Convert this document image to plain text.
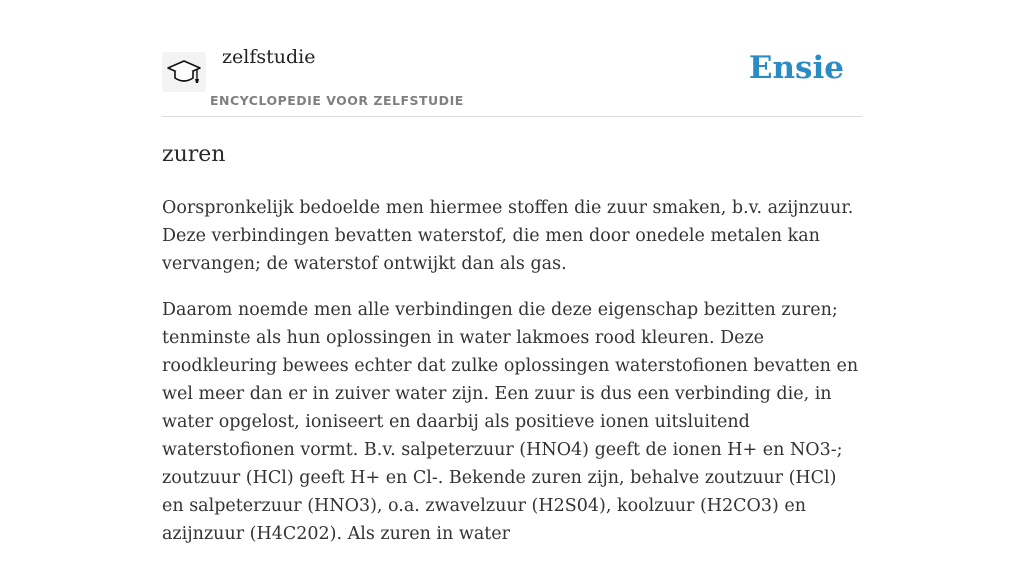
zelfstudie
ENCYCLOPEDIE VOOR ZELFSTUDIE
Ensie
zuren

Oorspronkelijk bedoelde men hiermee stoffen die zuur smaken, b.v. azijnzuur. Deze verbindingen bevatten waterstof, die men door onedele metalen kan vervangen; de waterstof ontwijkt dan als gas.

Daarom noemde men alle verbindingen die deze eigenschap bezitten zuren; tenminste als hun oplossingen in water lakmoes rood kleuren. Deze roodkleuring bewees echter dat zulke oplossingen waterstofionen bevatten en wel meer dan er in zuiver water zijn. Een zuur is dus een verbinding die, in water opgelost, ioniseert en daarbij als positieve ionen uitsluitend waterstofionen vormt. B.v. salpeterzuur (HNO4) geeft de ionen H+ en NO3-; zoutzuur (HCl) geeft H+ en Cl-. Bekende zuren zijn, behalve zoutzuur (HCl) en salpeterzuur (HNO3), o.a. zwavelzuur (H2S04), koolzuur (H2CO3) en azijnzuur (H4C202). Als zuren in water
